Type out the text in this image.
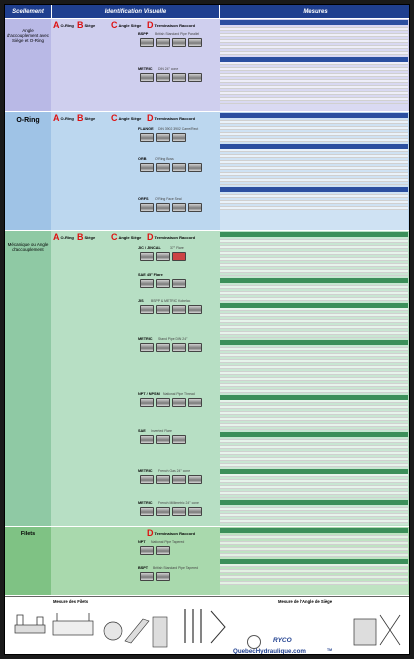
Scellement	Identification Visuelle	Mesures
Angle d'accouplement avec Siège et O-Ring
A O-Ring B Siège C Angle Siège D Terminaison Raccord
BSPP British Standard Pipe Parallel
METRIC DIN 24° cone
O-Ring	A O-Ring B Siège C Angle Siège D Terminaison Raccord
FLANGE DIN 3902 3902 Carre/Rect
ORB	O'Ring Boss
ORFS O'Ring Face Seal
Mécanique ou Angle d'accouplement
A O-Ring B Siège C Angle Siège D Terminaison Raccord
JIC / JINCAL	37° Flare
SAE 45° Flare
JIS BSPP & METRIC Kobelco
METRIC Stand Pipe DIN 24°
NPT / NPSM National Pipe Thread
SAE Inverted Flare
METRIC French Gas 24° cone
METRIC French Millimetric 24° cone
Filets	D Terminaison Raccord
NPT National Pipe Tapered
BSPT British Standard Pipe Tapered
Mesure des Filets	Mesure de l'Angle de Siège
RYCO
QuebecHydraulique.com	TM
